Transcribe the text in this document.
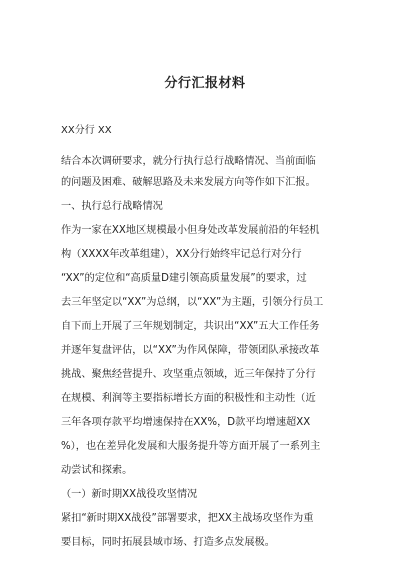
分行汇报材料
XX分行 XX
结合本次调研要求，就分行执行总行战略情况、当前面临
的问题及困难、破解思路及未来发展方向等作如下汇报。
一、执行总行战略情况
作为一家在XX地区规模最小但身处改革发展前沿的年轻机
构（XXXX年改革组建），XX分行始终牢记总行对分行
“XX”的定位和“高质量D建引领高质量发展”的要求，过
去三年坚定以“XX”为总纲，以“XX”为主题，引领分行员工
自下而上开展了三年规划制定，共识出“XX”五大工作任务
并逐年复盘评估，以“XX”为作风保障，带领团队承接改革
挑战、聚焦经营提升、攻坚重点领域，近三年保持了分行
在规模、利润等主要指标增长方面的积极性和主动性（近
三年各项存款平均增速保持在XX%，D款平均增速超XX
%），也在差异化发展和大服务提升等方面开展了一系列主
动尝试和探索。
（一）新时期XX战役攻坚情况
紧扣“新时期XX战役”部署要求，把XX主战场攻坚作为重
要目标，同时拓展县域市场、打造多点发展极。
